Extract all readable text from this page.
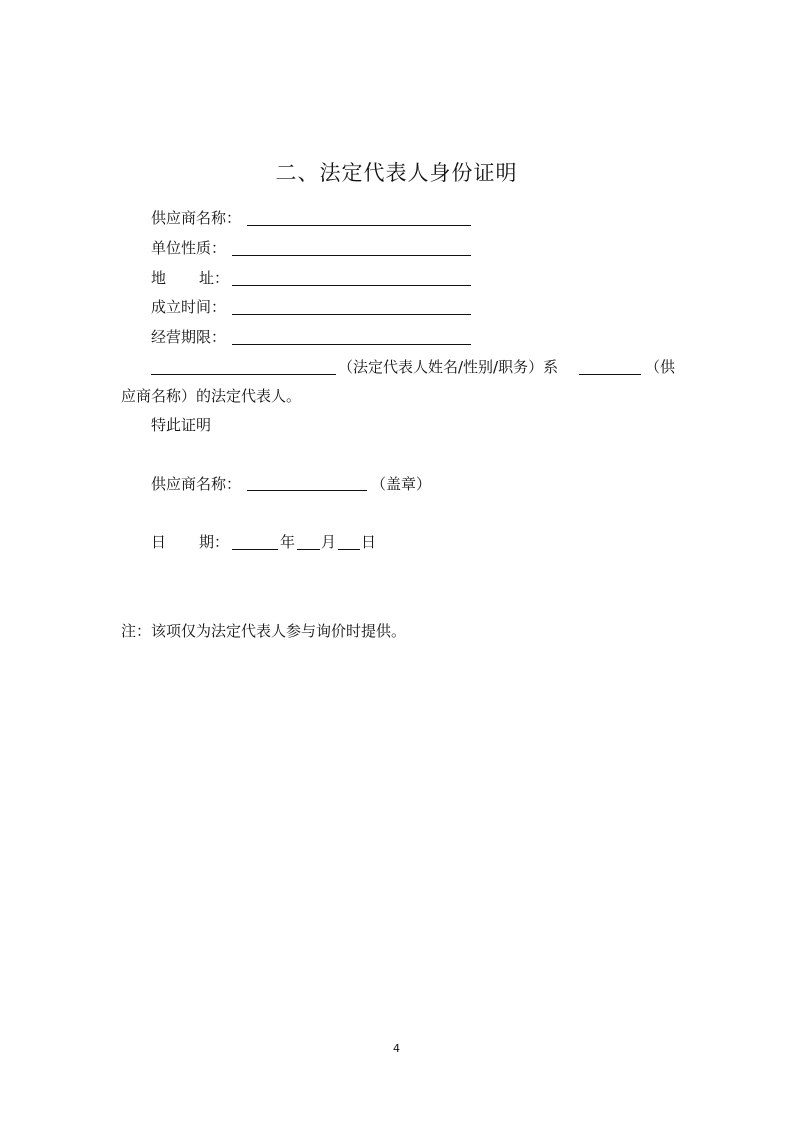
二、法定代表人身份证明
供应商名称：
单位性质：
地 址：
成立时间：
经营期限：
（法定代表人姓名/性别/职务）系	（供
应商名称）的法定代表人。
特此证明
供应商名称：	（盖章）
日 期：	年 月 日
注：该项仅为法定代表人参与询价时提供。
4
